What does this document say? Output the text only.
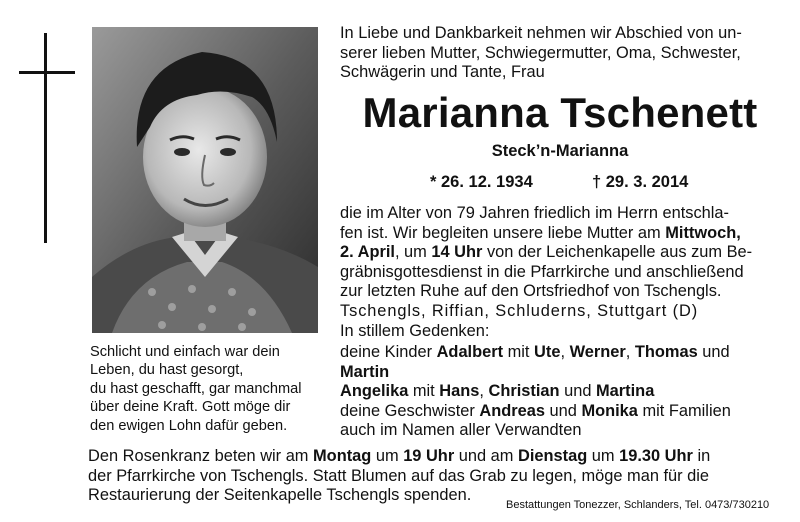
In Liebe und Dankbarkeit nehmen wir Abschied von un-
serer lieben Mutter, Schwiegermutter, Oma, Schwester,
Schwägerin und Tante, Frau
Marianna Tschenett
Steck’n-Marianna
* 26. 12. 1934	† 29. 3. 2014
die im Alter von 79 Jahren friedlich im Herrn entschla-
fen ist. Wir begleiten unsere liebe Mutter am Mittwoch,
2. April, um 14 Uhr von der Leichenkapelle aus zum Be-
gräbnisgottesdienst in die Pfarrkirche und anschließend
zur letzten Ruhe auf den Ortsfriedhof von Tschengls.
Tschengls, Riffian, Schluderns, Stuttgart (D)
In stillem Gedenken:
deine Kinder Adalbert mit Ute, Werner, Thomas und
Martin
Angelika mit Hans, Christian und Martina
deine Geschwister Andreas und Monika mit Familien
auch im Namen aller Verwandten
Schlicht und einfach war dein
Leben, du hast gesorgt,
du hast geschafft, gar manchmal
über deine Kraft. Gott möge dir
den ewigen Lohn dafür geben.
Den Rosenkranz beten wir am Montag um 19 Uhr und am Dienstag um 19.30 Uhr in
der Pfarrkirche von Tschengls. Statt Blumen auf das Grab zu legen, möge man für die
Restaurierung der Seitenkapelle Tschengls spenden.
Bestattungen Tonezzer, Schlanders, Tel. 0473/730210
